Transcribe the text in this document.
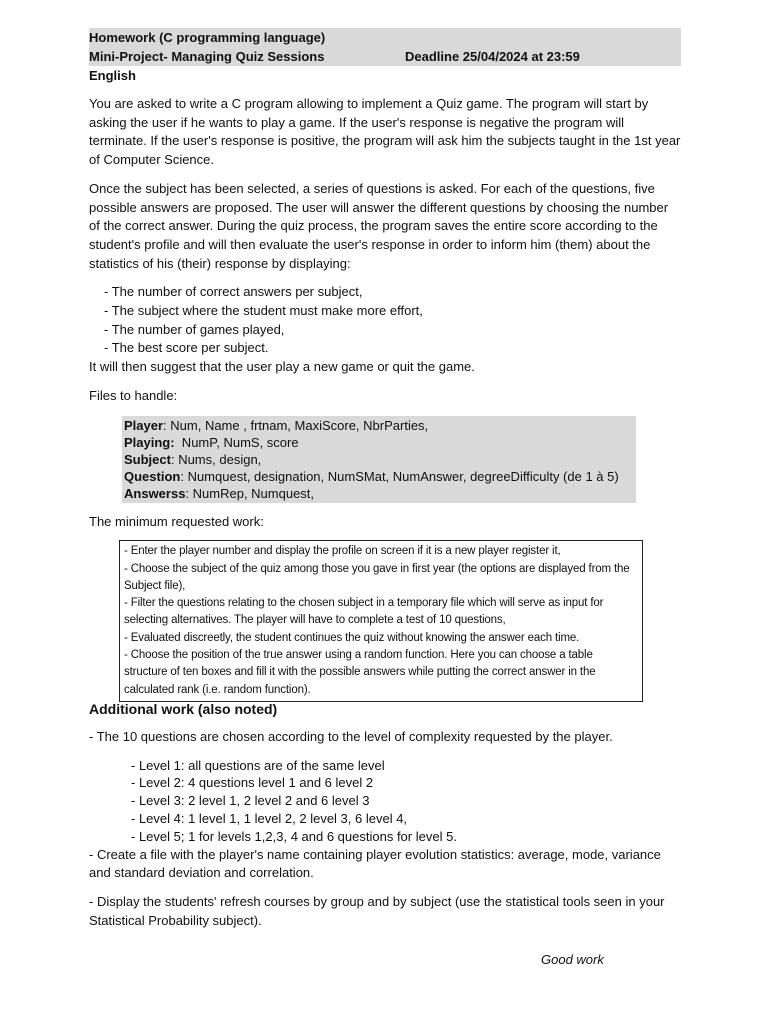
Homework (C programming language)
Mini-Project- Managing Quiz Sessions	Deadline 25/04/2024 at 23:59
English

You are asked to write a C program allowing to implement a Quiz game. The program will start by asking the user if he wants to play a game. If the user's response is negative the program will terminate. If the user's response is positive, the program will ask him the subjects taught in the 1st year of Computer Science.

Once the subject has been selected, a series of questions is asked. For each of the questions, five possible answers are proposed. The user will answer the different questions by choosing the number of the correct answer. During the quiz process, the program saves the entire score according to the student's profile and will then evaluate the user's response in order to inform him (them) about the statistics of his (their) response by displaying:

- The number of correct answers per subject,
- The subject where the student must make more effort,
- The number of games played,
- The best score per subject.

It will then suggest that the user play a new game or quit the game.

Files to handle:

Player: Num, Name , frtnam, MaxiScore, NbrParties,
Playing:  NumP, NumS, score
Subject: Nums, design,
Question: Numquest, designation, NumSMat, NumAnswer, degreeDifficulty (de 1 à 5)
Answerss: NumRep, Numquest,

The minimum requested work:

- Enter the player number and display the profile on screen if it is a new player register it,
- Choose the subject of the quiz among those you gave in first year (the options are displayed from the
Subject file),
- Filter the questions relating to the chosen subject in a temporary file which will serve as input for
selecting alternatives. The player will have to complete a test of 10 questions,
- Evaluated discreetly, the student continues the quiz without knowing the answer each time.
- Choose the position of the true answer using a random function. Here you can choose a table
structure of ten boxes and fill it with the possible answers while putting the correct answer in the
calculated rank (i.e. random function).
Additional work (also noted)

- The 10 questions are chosen according to the level of complexity requested by the player.

- Level 1: all questions are of the same level
- Level 2: 4 questions level 1 and 6 level 2
- Level 3: 2 level 1, 2 level 2 and 6 level 3
- Level 4: 1 level 1, 1 level 2, 2 level 3, 6 level 4,
- Level 5; 1 for levels 1,2,3, 4 and 6 questions for level 5.

- Create a file with the player's name containing player evolution statistics: average, mode, variance and standard deviation and correlation.

- Display the students' refresh courses by group and by subject (use the statistical tools seen in your Statistical Probability subject).

Good work
